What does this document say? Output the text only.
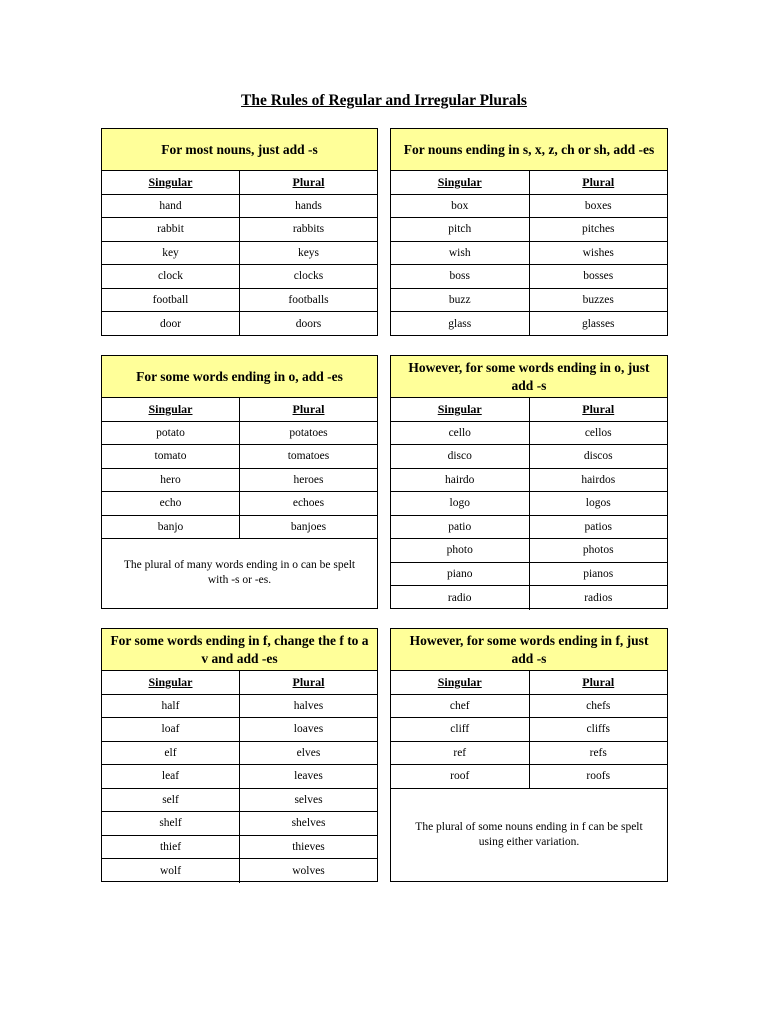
The Rules of Regular and Irregular Plurals
For most nouns, just add -s
Singular	Plural
hand	hands
rabbit	rabbits
key	keys
clock	clocks
football	footballs
door	doors
For nouns ending in s, x, z, ch or sh, add -es
Singular	Plural
box	boxes
pitch	pitches
wish	wishes
boss	bosses
buzz	buzzes
glass	glasses
For some words ending in o, add -es
Singular	Plural
potato	potatoes
tomato	tomatoes
hero	heroes
echo	echoes
banjo	banjoes
The plural of many words ending in o can be spelt with -s or -es.
However, for some words ending in o, just add -s
Singular	Plural
cello	cellos
disco	discos
hairdo	hairdos
logo	logos
patio	patios
photo	photos
piano	pianos
radio	radios
For some words ending in f, change the f to a v and add -es
Singular	Plural
half	halves
loaf	loaves
elf	elves
leaf	leaves
self	selves
shelf	shelves
thief	thieves
wolf	wolves
However, for some words ending in f, just add -s
Singular	Plural
chef	chefs
cliff	cliffs
ref	refs
roof	roofs
The plural of some nouns ending in f can be spelt using either variation.
